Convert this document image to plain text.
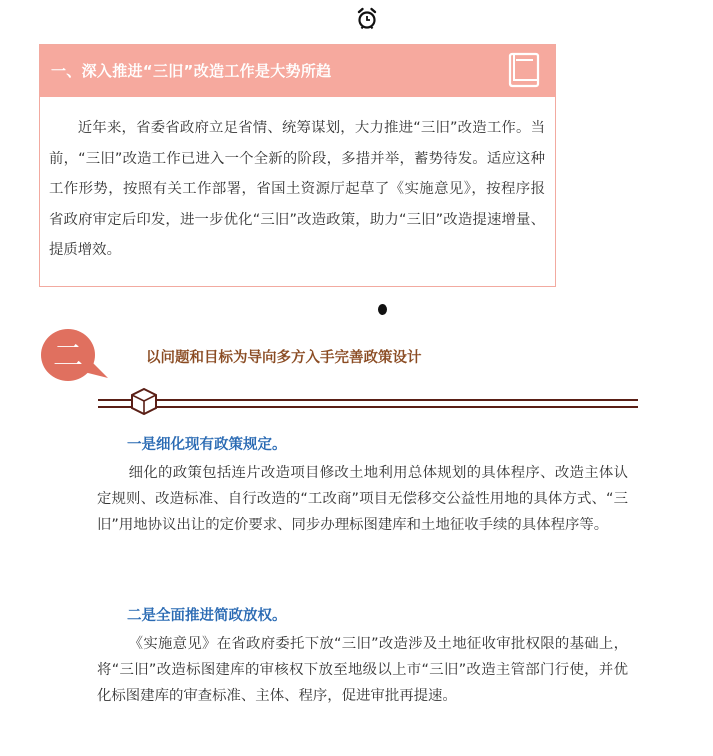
一、深入推进“三旧”改造工作是大势所趋
近年来，省委省政府立足省情、统筹谋划，大力推进“三旧”改造工作。当前，“三旧”改造工作已进入一个全新的阶段，多措并举，蓄势待发。适应这种工作形势，按照有关工作部署，省国土资源厅起草了《实施意见》，按程序报省政府审定后印发，进一步优化“三旧”改造政策，助力“三旧”改造提速增量、提质增效。
二	以问题和目标为导向多方入手完善政策设计
一是细化现有政策规定。
细化的政策包括连片改造项目修改土地利用总体规划的具体程序、改造主体认定规则、改造标准、自行改造的“工改商”项目无偿移交公益性用地的具体方式、“三旧”用地协议出让的定价要求、同步办理标图建库和土地征收手续的具体程序等。
二是全面推进简政放权。
《实施意见》在省政府委托下放“三旧”改造涉及土地征收审批权限的基础上，将“三旧”改造标图建库的审核权下放至地级以上市“三旧”改造主管部门行使，并优化标图建库的审查标准、主体、程序，促进审批再提速。
